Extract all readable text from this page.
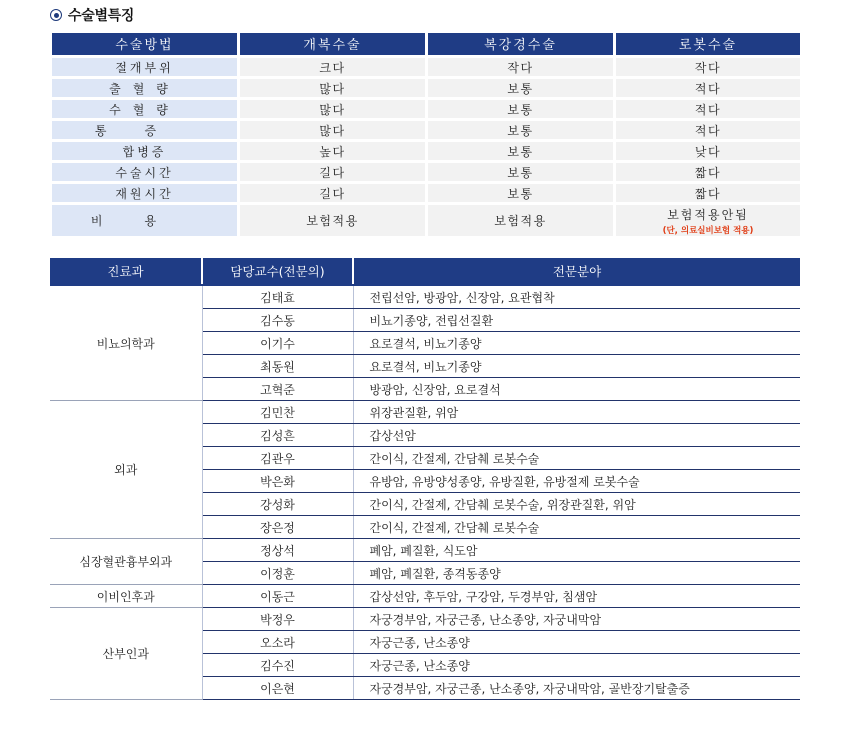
수술별특징
수술방법	개복수술	복강경수술	로봇수술
절개부위	크다	작다	작다
출혈량	많다	보통	적다
수혈량	많다	보통	적다
통증	많다	보통	적다
합병증	높다	보통	낮다
수술시간	길다	보통	짧다
재원시간	길다	보통	짧다
비용	보험적용	보험적용	보험적용안됨
(단, 의료실비보험 적용)
진료과	담당교수(전문의)	전문분야
비뇨의학과	김태효	전립선암, 방광암, 신장암, 요관협착
	김수동	비뇨기종양, 전립선질환
	이기수	요로결석, 비뇨기종양
	최동원	요로결석, 비뇨기종양
	고혁준	방광암, 신장암, 요로결석
외과	김민찬	위장관질환, 위암
	김성흔	갑상선암
	김관우	간이식, 간절제, 간담췌 로봇수술
	박은화	유방암, 유방양성종양, 유방질환, 유방절제 로봇수술
	강성화	간이식, 간절제, 간담췌 로봇수술, 위장관질환, 위암
	장은정	간이식, 간절제, 간담췌 로봇수술
심장혈관흉부외과	정상석	폐암, 폐질환, 식도암
	이정훈	폐암, 폐질환, 종격동종양
이비인후과	이동근	갑상선암, 후두암, 구강암, 두경부암, 침샘암
산부인과	박정우	자궁경부암, 자궁근종, 난소종양, 자궁내막암
	오소라	자궁근종, 난소종양
	김수진	자궁근종, 난소종양
	이은현	자궁경부암, 자궁근종, 난소종양, 자궁내막암, 골반장기탈출증
